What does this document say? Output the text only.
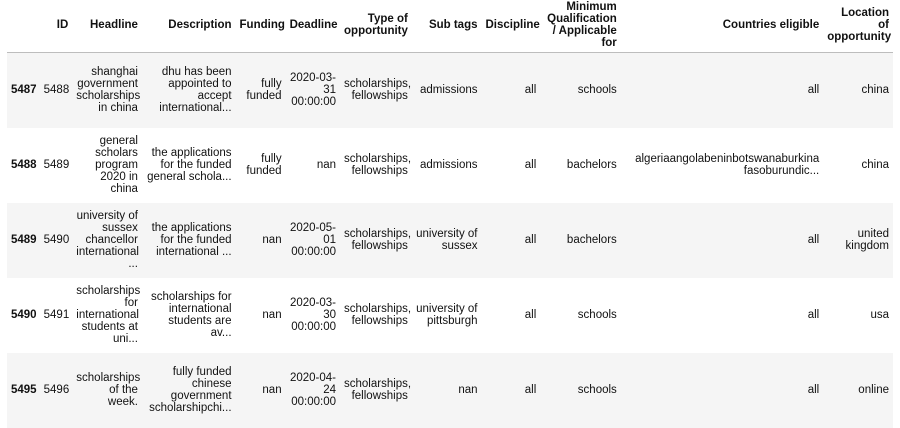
	ID	Headline	Description	Funding	Deadline	Type of opportunity	Sub tags	Discipline	Minimum Qualification / Applicable for	Countries eligible	Location of opportunity
5487	5488	shanghai government scholarships in china	dhu has been appointed to accept international...	fully funded	2020-03-31 00:00:00	scholarships, fellowships	admissions	all	schools	all	china
5488	5489	general scholars program 2020 in china	the applications for the funded general schola...	fully funded	nan	scholarships, fellowships	admissions	all	bachelors	algeriaangolabeninbotswanaburkina fasoburundic...	china
5489	5490	university of sussex chancellor international ...	the applications for the funded international ...	nan	2020-05-01 00:00:00	scholarships, fellowships	university of sussex	all	bachelors	all	united kingdom
5490	5491	scholarships for international students at uni...	scholarships for international students are av...	nan	2020-03-30 00:00:00	scholarships, fellowships	university of pittsburgh	all	schools	all	usa
5495	5496	scholarships of the week.	fully funded chinese government scholarshipchi...	nan	2020-04-24 00:00:00	scholarships, fellowships	nan	all	schools	all	online
